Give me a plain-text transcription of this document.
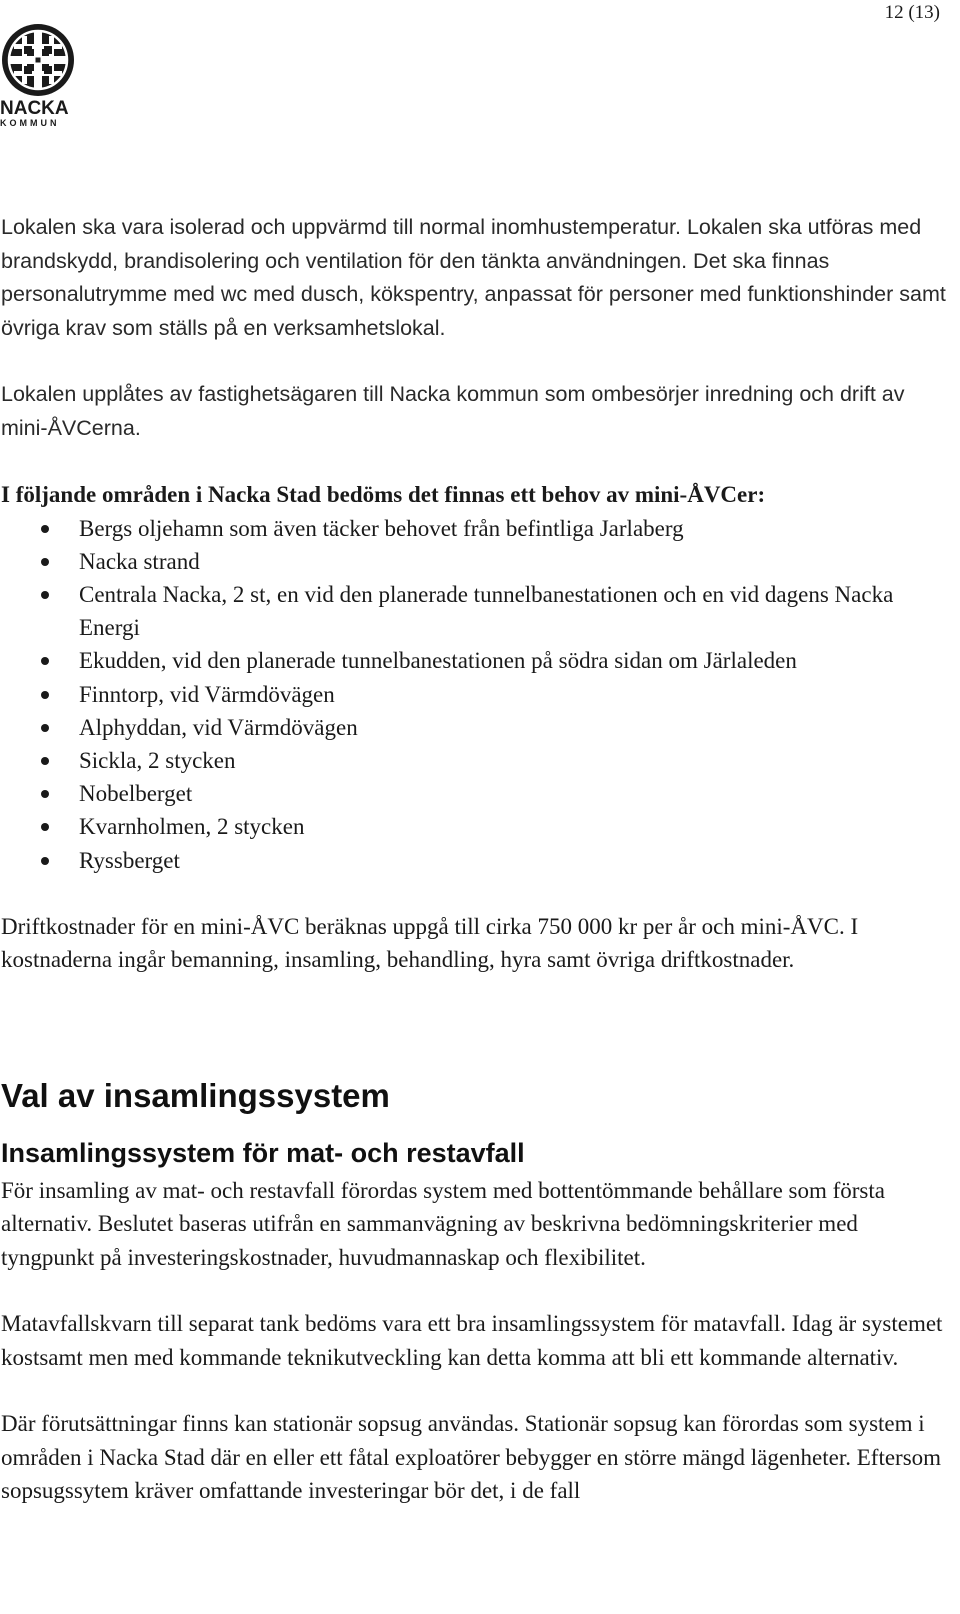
12 (13)
NACKA
KOMMUN

Lokalen ska vara isolerad och uppvärmd till normal inomhustemperatur. Lokalen ska utföras med brandskydd, brandisolering och ventilation för den tänkta användningen. Det ska finnas personalutrymme med wc med dusch, kökspentry, anpassat för personer med funktionshinder samt övriga krav som ställs på en verksamhetslokal.

Lokalen upplåtes av fastighetsägaren till Nacka kommun som ombesörjer inredning och drift av mini-ÅVCerna.

I följande områden i Nacka Stad bedöms det finnas ett behov av mini-ÅVCer:

Bergs oljehamn som även täcker behovet från befintliga Jarlaberg
Nacka strand
Centrala Nacka, 2 st, en vid den planerade tunnelbanestationen och en vid dagens Nacka Energi
Ekudden, vid den planerade tunnelbanestationen på södra sidan om Järlaleden
Finntorp, vid Värmdövägen
Alphyddan, vid Värmdövägen
Sickla, 2 stycken
Nobelberget
Kvarnholmen, 2 stycken
Ryssberget

Driftkostnader för en mini-ÅVC beräknas uppgå till cirka 750 000 kr per år och mini-ÅVC. I kostnaderna ingår bemanning, insamling, behandling, hyra samt övriga driftkostnader.

Val av insamlingssystem
Insamlingssystem för mat- och restavfall

För insamling av mat- och restavfall förordas system med bottentömmande behållare som första alternativ. Beslutet baseras utifrån en sammanvägning av beskrivna bedömningskriterier med tyngpunkt på investeringskostnader, huvudmannaskap och flexibilitet.

Matavfallskvarn till separat tank bedöms vara ett bra insamlingssystem för matavfall. Idag är systemet kostsamt men med kommande teknikutveckling kan detta komma att bli ett kommande alternativ.

Där förutsättningar finns kan stationär sopsug användas. Stationär sopsug kan förordas som system i områden i Nacka Stad där en eller ett fåtal exploatörer bebygger en större mängd lägenheter. Eftersom sopsugssytem kräver omfattande investeringar bör det, i de fall
